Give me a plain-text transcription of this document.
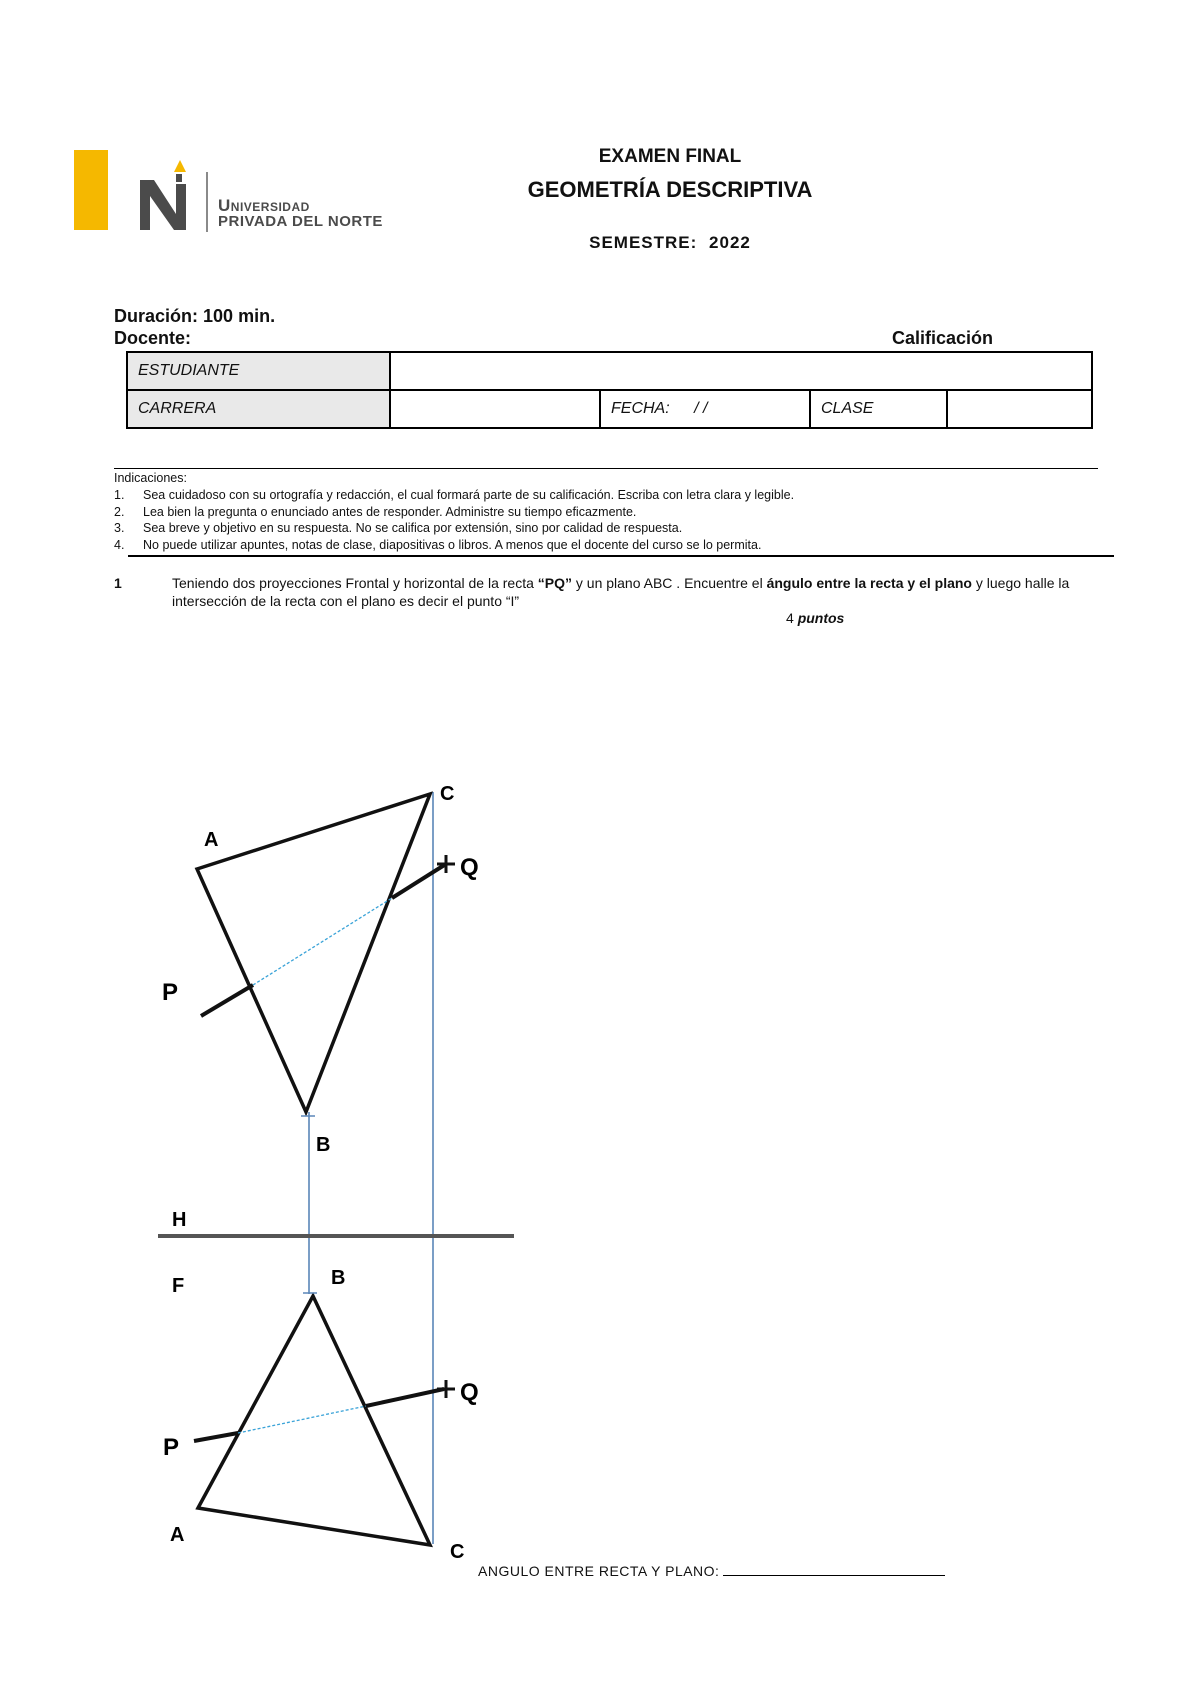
Universidad
PRIVADA DEL NORTE
EXAMEN FINAL
GEOMETRÍA DESCRIPTIVA
SEMESTRE: 2022
Duración: 100 min.
Docente:	Calificación
ESTUDIANTE				
CARRERA		FECHA: / /	CLASE	
Indicaciones:
1.	Sea cuidadoso con su ortografía y redacción, el cual formará parte de su calificación. Escriba con letra clara y legible.
2.	Lea bien la pregunta o enunciado antes de responder. Administre su tiempo eficazmente.
3.	Sea breve y objetivo en su respuesta. No se califica por extensión, sino por calidad de respuesta.
4.	No puede utilizar apuntes, notas de clase, diapositivas o libros. A menos que el docente del curso se lo permita.
1	Teniendo dos proyecciones Frontal y horizontal de la recta “PQ” y un plano ABC . Encuentre el ángulo entre la recta y el plano y luego halle la intersección de la recta con el plano es decir el punto “I”
4 puntos
A
C
Q
P
B
H
F	B
Q
P
A
C
ANGULO ENTRE RECTA Y PLANO:
